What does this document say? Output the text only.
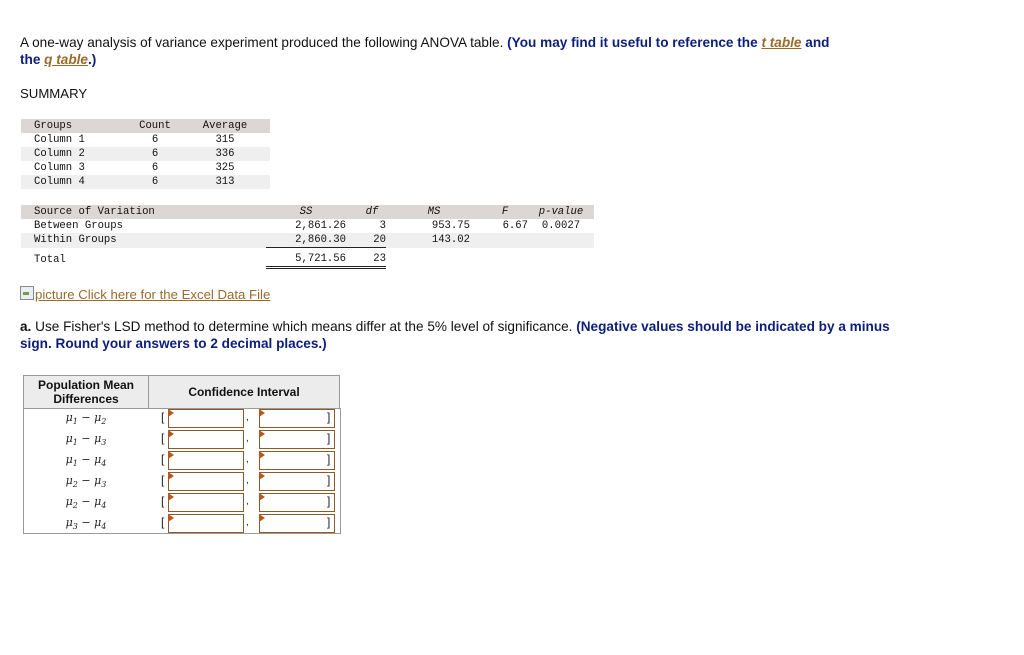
A one-way analysis of variance experiment produced the following ANOVA table. (You may find it useful to reference the t table and
the q table.)
SUMMARY
Groups	Count	Average
Column 1	6	315
Column 2	6	336
Column 3	6	325
Column 4	6	313
Source of Variation	SS	df	MS	F	p-value
Between Groups	2,861.26	3	953.75	6.67	0.0027
Within Groups	2,860.30	20	143.02		
Total	5,721.56	23			
picture Click here for the Excel Data File
a. Use Fisher's LSD method to determine which means differ at the 5% level of significance. (Negative values should be indicated by a minus sign. Round your answers to 2 decimal places.)
Population Mean
Differences	Confidence Interval
$\mu_1 - \mu_2$	[	,	]
$\mu_1 - \mu_3$	[	,	]
$\mu_1 - \mu_4$	[	,	]
$\mu_2 - \mu_3$	[	,	]
$\mu_2 - \mu_4$	[	,	]
$\mu_3 - \mu_4$	[	,	]
